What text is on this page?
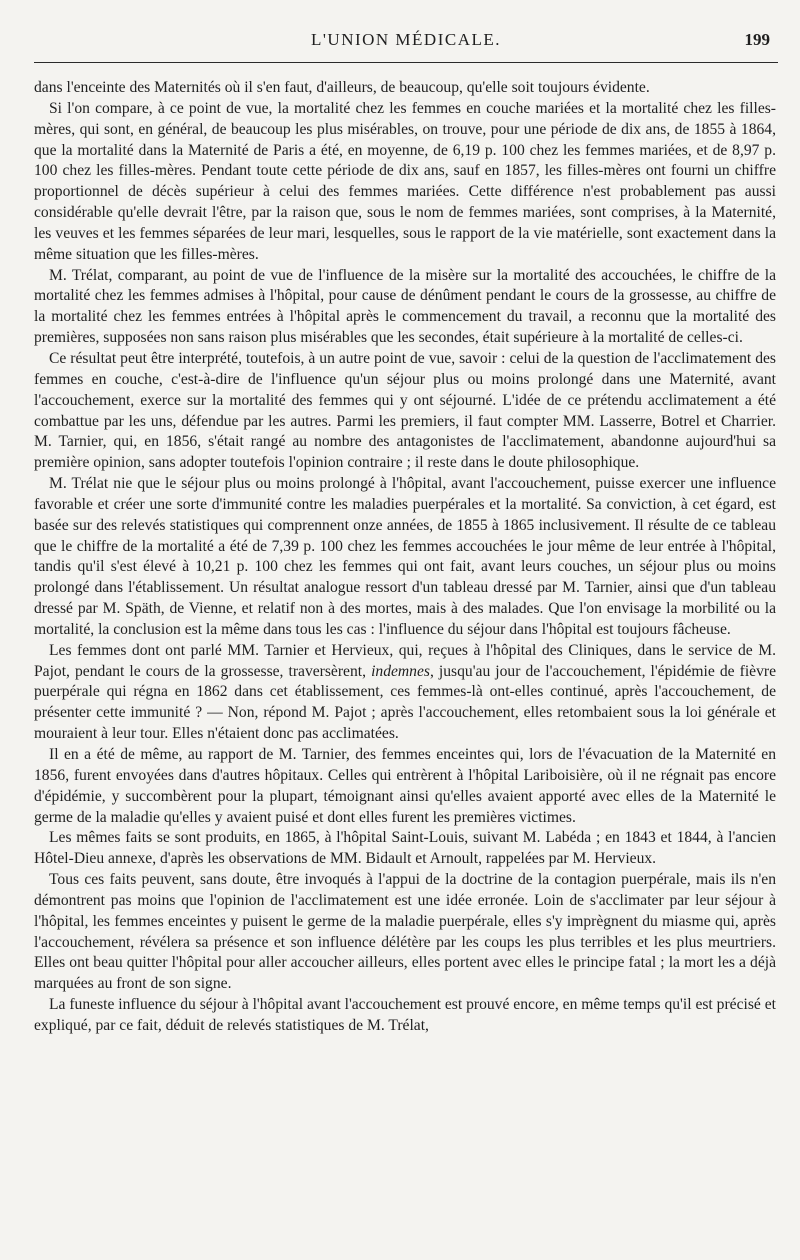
L'UNION MÉDICALE.	199

dans l'enceinte des Maternités où il s'en faut, d'ailleurs, de beaucoup, qu'elle soit toujours évidente.

Si l'on compare, à ce point de vue, la mortalité chez les femmes en couche mariées et la mortalité chez les filles-mères, qui sont, en général, de beaucoup les plus misérables, on trouve, pour une période de dix ans, de 1855 à 1864, que la mortalité dans la Maternité de Paris a été, en moyenne, de 6,19 p. 100 chez les femmes mariées, et de 8,97 p. 100 chez les filles-mères. Pendant toute cette période de dix ans, sauf en 1857, les filles-mères ont fourni un chiffre proportionnel de décès supérieur à celui des femmes mariées. Cette différence n'est probablement pas aussi considérable qu'elle devrait l'être, par la raison que, sous le nom de femmes mariées, sont comprises, à la Maternité, les veuves et les femmes séparées de leur mari, lesquelles, sous le rapport de la vie matérielle, sont exactement dans la même situation que les filles-mères.

M. Trélat, comparant, au point de vue de l'influence de la misère sur la mortalité des accouchées, le chiffre de la mortalité chez les femmes admises à l'hôpital, pour cause de dénûment pendant le cours de la grossesse, au chiffre de la mortalité chez les femmes entrées à l'hôpital après le commencement du travail, a reconnu que la mortalité des premières, supposées non sans raison plus misérables que les secondes, était supérieure à la mortalité de celles-ci.

Ce résultat peut être interprété, toutefois, à un autre point de vue, savoir : celui de la question de l'acclimatement des femmes en couche, c'est-à-dire de l'influence qu'un séjour plus ou moins prolongé dans une Maternité, avant l'accouchement, exerce sur la mortalité des femmes qui y ont séjourné. L'idée de ce prétendu acclimatement a été combattue par les uns, défendue par les autres. Parmi les premiers, il faut compter MM. Lasserre, Botrel et Charrier. M. Tarnier, qui, en 1856, s'était rangé au nombre des antagonistes de l'acclimatement, abandonne aujourd'hui sa première opinion, sans adopter toutefois l'opinion contraire ; il reste dans le doute philosophique.

M. Trélat nie que le séjour plus ou moins prolongé à l'hôpital, avant l'accouchement, puisse exercer une influence favorable et créer une sorte d'immunité contre les maladies puerpérales et la mortalité. Sa conviction, à cet égard, est basée sur des relevés statistiques qui comprennent onze années, de 1855 à 1865 inclusivement. Il résulte de ce tableau que le chiffre de la mortalité a été de 7,39 p. 100 chez les femmes accouchées le jour même de leur entrée à l'hôpital, tandis qu'il s'est élevé à 10,21 p. 100 chez les femmes qui ont fait, avant leurs couches, un séjour plus ou moins prolongé dans l'établissement. Un résultat analogue ressort d'un tableau dressé par M. Tarnier, ainsi que d'un tableau dressé par M. Späth, de Vienne, et relatif non à des mortes, mais à des malades. Que l'on envisage la morbilité ou la mortalité, la conclusion est la même dans tous les cas : l'influence du séjour dans l'hôpital est toujours fâcheuse.

Les femmes dont ont parlé MM. Tarnier et Hervieux, qui, reçues à l'hôpital des Cliniques, dans le service de M. Pajot, pendant le cours de la grossesse, traversèrent, indemnes, jusqu'au jour de l'accouchement, l'épidémie de fièvre puerpérale qui régna en 1862 dans cet établissement, ces femmes-là ont-elles continué, après l'accouchement, de présenter cette immunité ? — Non, répond M. Pajot ; après l'accouchement, elles retombaient sous la loi générale et mouraient à leur tour. Elles n'étaient donc pas acclimatées.

Il en a été de même, au rapport de M. Tarnier, des femmes enceintes qui, lors de l'évacuation de la Maternité en 1856, furent envoyées dans d'autres hôpitaux. Celles qui entrèrent à l'hôpital Lariboisière, où il ne régnait pas encore d'épidémie, y succombèrent pour la plupart, témoignant ainsi qu'elles avaient apporté avec elles de la Maternité le germe de la maladie qu'elles y avaient puisé et dont elles furent les premières victimes.

Les mêmes faits se sont produits, en 1865, à l'hôpital Saint-Louis, suivant M. Labéda ; en 1843 et 1844, à l'ancien Hôtel-Dieu annexe, d'après les observations de MM. Bidault et Arnoult, rappelées par M. Hervieux.

Tous ces faits peuvent, sans doute, être invoqués à l'appui de la doctrine de la contagion puerpérale, mais ils n'en démontrent pas moins que l'opinion de l'acclimatement est une idée erronée. Loin de s'acclimater par leur séjour à l'hôpital, les femmes enceintes y puisent le germe de la maladie puerpérale, elles s'y imprègnent du miasme qui, après l'accouchement, révélera sa présence et son influence délétère par les coups les plus terribles et les plus meurtriers. Elles ont beau quitter l'hôpital pour aller accoucher ailleurs, elles portent avec elles le principe fatal ; la mort les a déjà marquées au front de son signe.

La funeste influence du séjour à l'hôpital avant l'accouchement est prouvé encore, en même temps qu'il est précisé et expliqué, par ce fait, déduit de relevés statistiques de M. Trélat,
